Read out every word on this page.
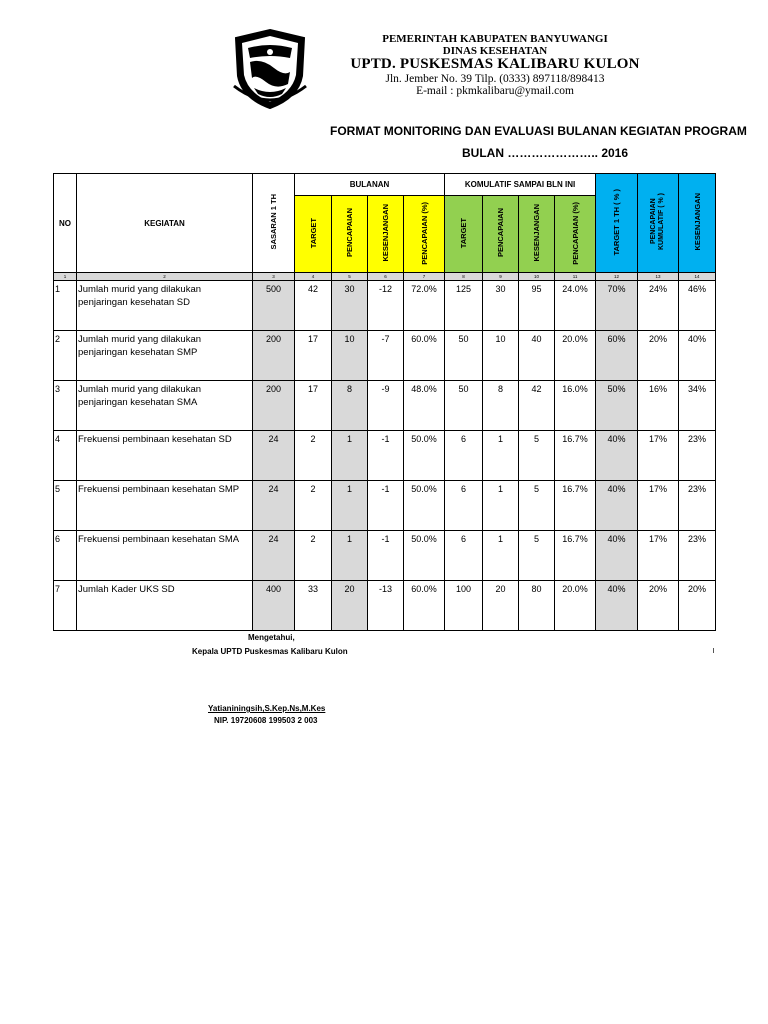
PEMERINTAH KABUPATEN BANYUWANGI
DINAS KESEHATAN
UPTD. PUSKESMAS KALIBARU KULON
Jln. Jember No. 39 Tilp. (0333) 897118/898413
E-mail : pkmkalibaru@ymail.com
FORMAT MONITORING DAN EVALUASI BULANAN KEGIATAN PROGRAM
BULAN ………………….. 2016
NO	KEGIATAN	SASARAN 1 TH	BULANAN				KOMULATIF SAMPAI BLN INI				TARGET 1 TH ( % )	PENCAPAIAN
KUMULATIF ( % )	KESENJANGAN
			TARGET	PENCAPAIAN	KESENJANGAN	PENCAPAIAN (%)	TARGET	PENCAPAIAN	KESENJANGAN	PENCAPAIAN (%)			
1	2	3	4	5	6	7	8	9	10	11	12	13	14
1	Jumlah murid yang dilakukan penjaringan kesehatan SD	500	42	30	-12	72.0%	125	30	95	24.0%	70%	24%	46%
2	Jumlah murid yang dilakukan penjaringan kesehatan SMP	200	17	10	-7	60.0%	50	10	40	20.0%	60%	20%	40%
3	Jumlah murid yang dilakukan penjaringan kesehatan SMA	200	17	8	-9	48.0%	50	8	42	16.0%	50%	16%	34%
4	Frekuensi pembinaan kesehatan SD	24	2	1	-1	50.0%	6	1	5	16.7%	40%	17%	23%
5	Frekuensi pembinaan kesehatan SMP	24	2	1	-1	50.0%	6	1	5	16.7%	40%	17%	23%
6	Frekuensi pembinaan kesehatan SMA	24	2	1	-1	50.0%	6	1	5	16.7%	40%	17%	23%
7	Jumlah Kader UKS SD	400	33	20	-13	60.0%	100	20	80	20.0%	40%	20%	20%
Mengetahui,
Kepala UPTD Puskesmas Kalibaru Kulon
Yatianiningsih,S.Kep.Ns,M.Kes
NIP. 19720608 199503 2 003
